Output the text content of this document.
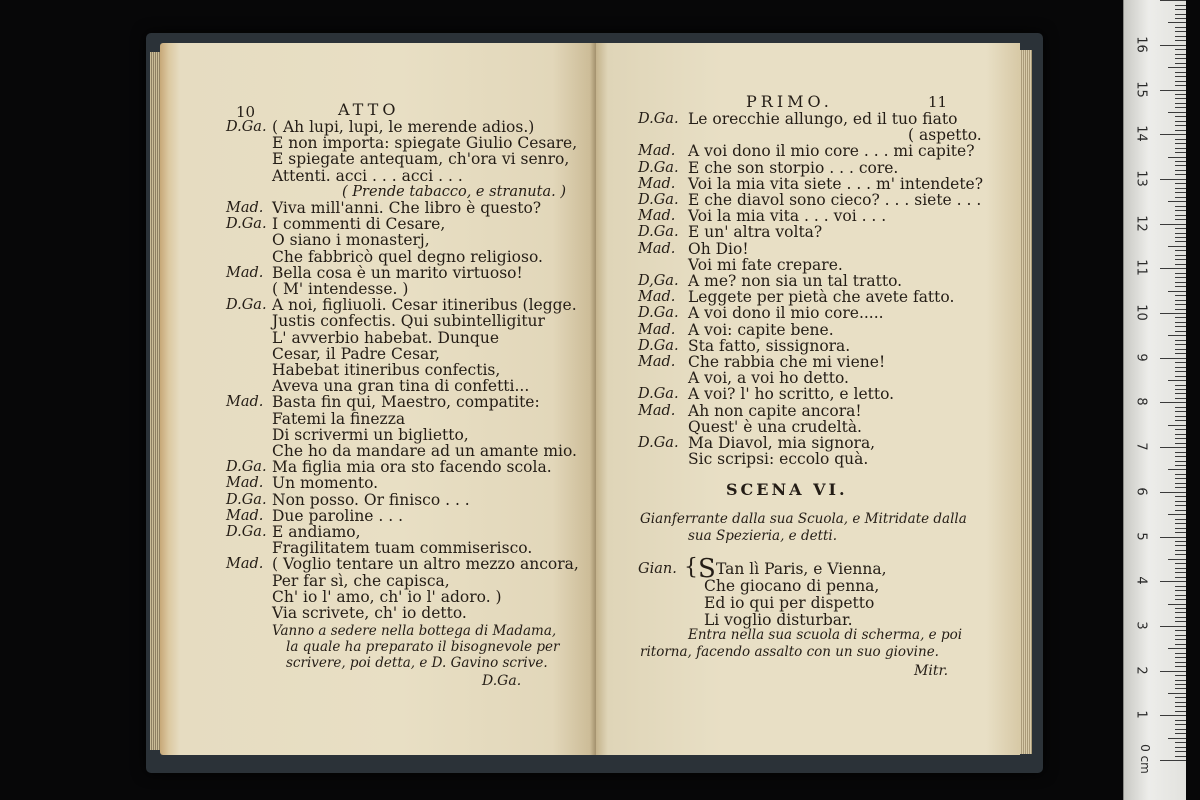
10	ATTO
D.Ga. ( Ah lupi, lupi, le merende adios.)
E non importa: spiegate Giulio Cesare,
E spiegate antequam, ch'ora vi senro,
Attenti. acci . . . acci . . .
( Prende tabacco, e stranuta. )
Mad. Viva mill'anni. Che libro è questo?
D.Ga. I commenti di Cesare,
O siano i monasterj,
Che fabbricò quel degno religioso.
Mad. Bella cosa è un marito virtuoso!
( M' intendesse. )
D.Ga. A noi, figliuoli. Cesar itineribus (legge.
Justis confectis. Qui subintelligitur
L' avverbio habebat. Dunque
Cesar, il Padre Cesar,
Habebat itineribus confectis,
Aveva una gran tina di confetti...
Mad. Basta fin qui, Maestro, compatite:
Fatemi la finezza
Di scrivermi un biglietto,
Che ho da mandare ad un amante mio.
D.Ga. Ma figlia mia ora sto facendo scola.
Mad. Un momento.
D.Ga. Non posso. Or finisco . . .
Mad. Due paroline . . .
D.Ga. E andiamo,
Fragilitatem tuam commiserisco.
Mad. ( Voglio tentare un altro mezzo ancora,
Per far sì, che capisca,
Ch' io l' amo, ch' io l' adoro. )
Via scrivete, ch' io detto.
Vanno a sedere nella bottega di Madama,
la quale ha preparato il bisognevole per
scrivere, poi detta, e D. Gavino scrive.
D.Ga.
PRIMO.	11
D.Ga. Le orecchie allungo, ed il tuo fiato
( aspetto.
Mad. A voi dono il mio core . . . mi capite?
D.Ga. E che son storpio . . . core.
Mad. Voi la mia vita siete . . . m' intendete?
D.Ga. E che diavol sono cieco? . . . siete . . .
Mad. Voi la mia vita . . . voi . . .
D.Ga. E un' altra volta?
Mad. Oh Dio!
Voi mi fate crepare.
D,Ga. A me? non sia un tal tratto.
Mad. Leggete per pietà che avete fatto.
D.Ga. A voi dono il mio core.....
Mad. A voi: capite bene.
D.Ga. Sta fatto, sissignora.
Mad. Che rabbia che mi viene!
A voi, a voi ho detto.
D.Ga. A voi? l' ho scritto, e letto.
Mad. Ah non capite ancora!
Quest' è una crudeltà.
D.Ga. Ma Diavol, mia signora,
Sic scripsi: eccolo quà.
SCENA VI.
Gianferrante dalla sua Scuola, e Mitridate dalla
sua Spezieria, e detti.
Gian. { S Tan lì Paris, e Vienna,
Che giocano di penna,
Ed io qui per dispetto
Li voglio disturbar.
Entra nella sua scuola di scherma, e poi
ritorna, facendo assalto con un suo giovine.
Mitr.
0 cm
1
2
3
4
5
6
7
8
9
10
11
12
13
14
15
16
